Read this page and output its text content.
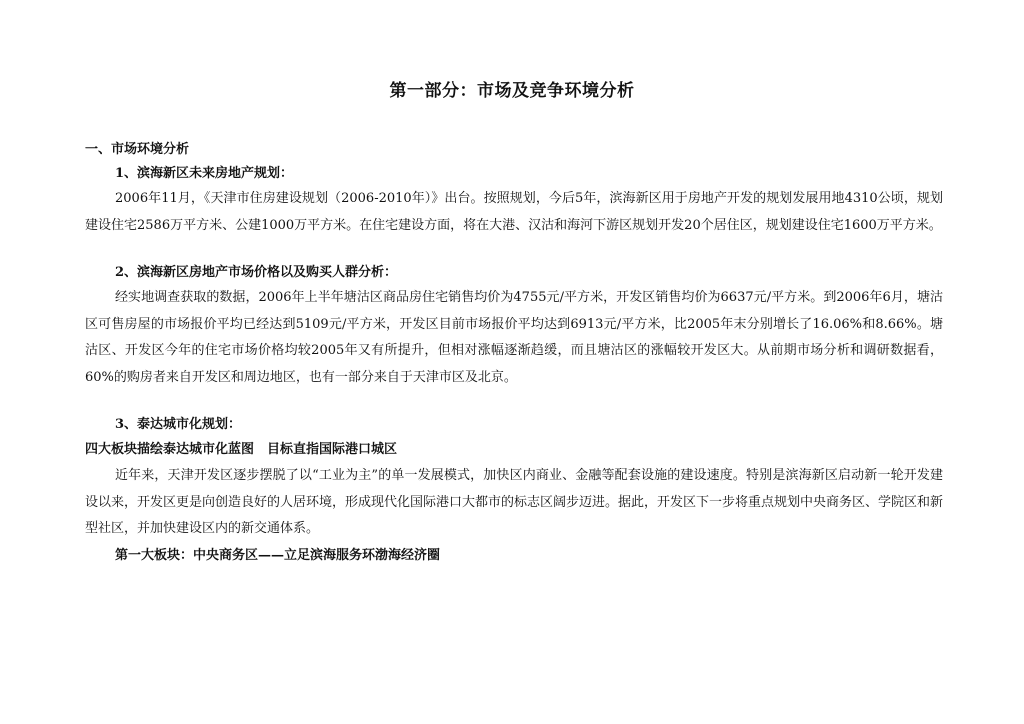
第一部分：市场及竞争环境分析

一、市场环境分析

1、滨海新区未来房地产规划：

2006年11月，《天津市住房建设规划（2006-2010年）》出台。按照规划，今后5年，滨海新区用于房地产开发的规划发展用地4310公顷，规划建设住宅2586万平方米、公建1000万平方米。在住宅建设方面，将在大港、汉沽和海河下游区规划开发20个居住区，规划建设住宅1600万平方米。

2、滨海新区房地产市场价格以及购买人群分析：

经实地调查获取的数据，2006年上半年塘沽区商品房住宅销售均价为4755元/平方米，开发区销售均价为6637元/平方米。到2006年6月，塘沽区可售房屋的市场报价平均已经达到5109元/平方米，开发区目前市场报价平均达到6913元/平方米，比2005年末分别增长了16.06%和8.66%。塘沽区、开发区今年的住宅市场价格均较2005年又有所提升，但相对涨幅逐渐趋缓，而且塘沽区的涨幅较开发区大。从前期市场分析和调研数据看，60%的购房者来自开发区和周边地区，也有一部分来自于天津市区及北京。

3、泰达城市化规划：

四大板块描绘泰达城市化蓝图　目标直指国际港口城区

近年来，天津开发区逐步摆脱了以“工业为主”的单一发展模式，加快区内商业、金融等配套设施的建设速度。特别是滨海新区启动新一轮开发建设以来，开发区更是向创造良好的人居环境，形成现代化国际港口大都市的标志区阔步迈进。据此，开发区下一步将重点规划中央商务区、学院区和新型社区，并加快建设区内的新交通体系。

第一大板块：中央商务区——立足滨海服务环渤海经济圈
